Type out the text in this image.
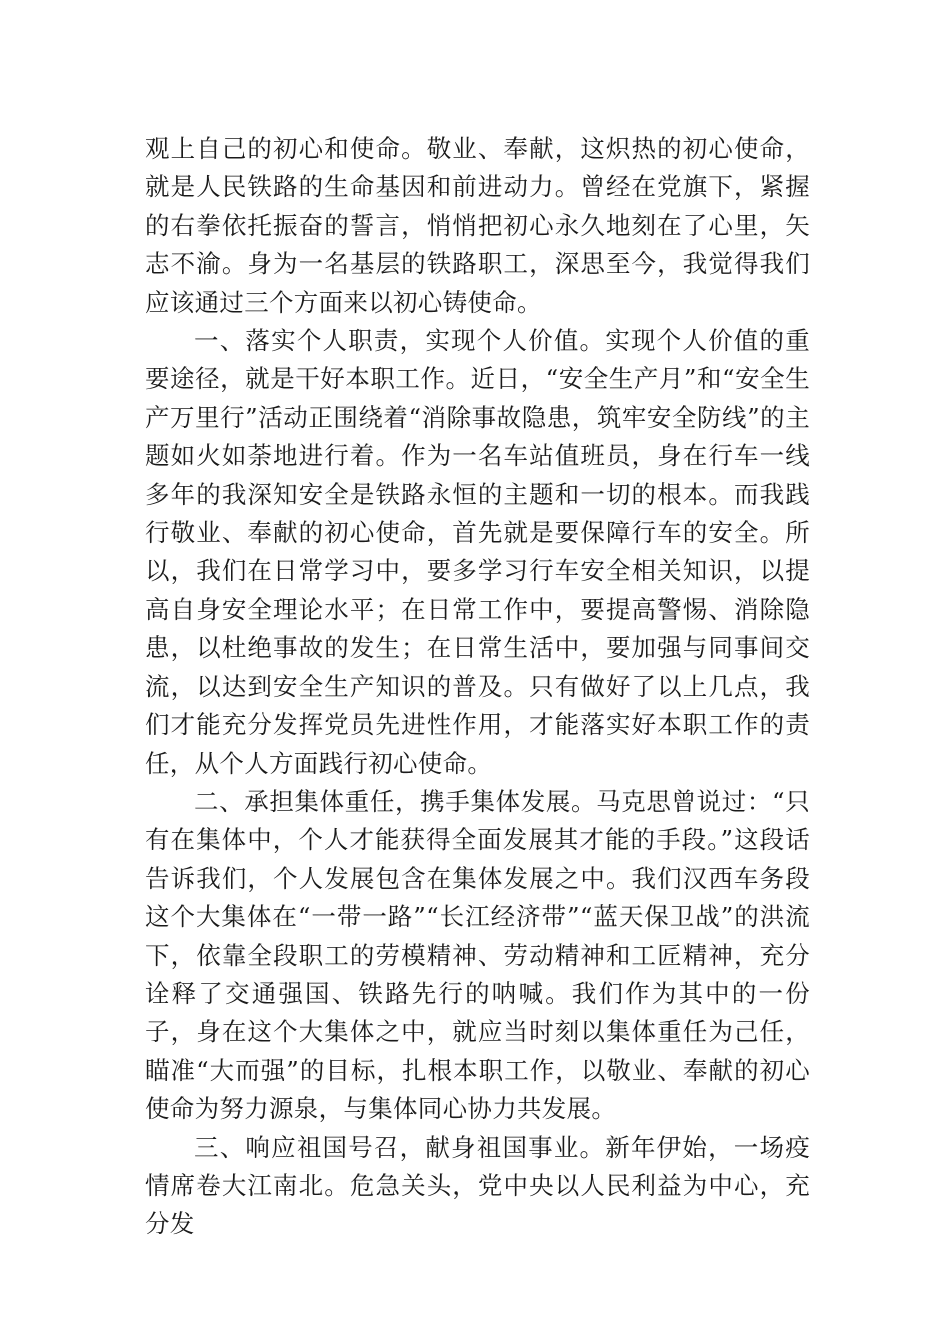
观上自己的初心和使命。敬业、奉献，这炽热的初心使命，就是人民铁路的生命基因和前进动力。曾经在党旗下，紧握的右拳依托振奋的誓言，悄悄把初心永久地刻在了心里，矢志不渝。身为一名基层的铁路职工，深思至今，我觉得我们应该通过三个方面来以初心铸使命。

一、落实个人职责，实现个人价值。实现个人价值的重要途径，就是干好本职工作。近日，“安全生产月”和“安全生产万里行”活动正围绕着“消除事故隐患，筑牢安全防线”的主题如火如荼地进行着。作为一名车站值班员，身在行车一线多年的我深知安全是铁路永恒的主题和一切的根本。而我践行敬业、奉献的初心使命，首先就是要保障行车的安全。所以，我们在日常学习中，要多学习行车安全相关知识，以提高自身安全理论水平；在日常工作中，要提高警惕、消除隐患，以杜绝事故的发生；在日常生活中，要加强与同事间交流，以达到安全生产知识的普及。只有做好了以上几点，我们才能充分发挥党员先进性作用，才能落实好本职工作的责任，从个人方面践行初心使命。

二、承担集体重任，携手集体发展。马克思曾说过：“只有在集体中，个人才能获得全面发展其才能的手段。”这段话告诉我们，个人发展包含在集体发展之中。我们汉西车务段这个大集体在“一带一路”“长江经济带”“蓝天保卫战”的洪流下，依靠全段职工的劳模精神、劳动精神和工匠精神，充分诠释了交通强国、铁路先行的呐喊。我们作为其中的一份子，身在这个大集体之中，就应当时刻以集体重任为己任，瞄准“大而强”的目标，扎根本职工作，以敬业、奉献的初心使命为努力源泉，与集体同心协力共发展。

三、响应祖国号召，献身祖国事业。新年伊始，一场疫情席卷大江南北。危急关头，党中央以人民利益为中心，充分发
